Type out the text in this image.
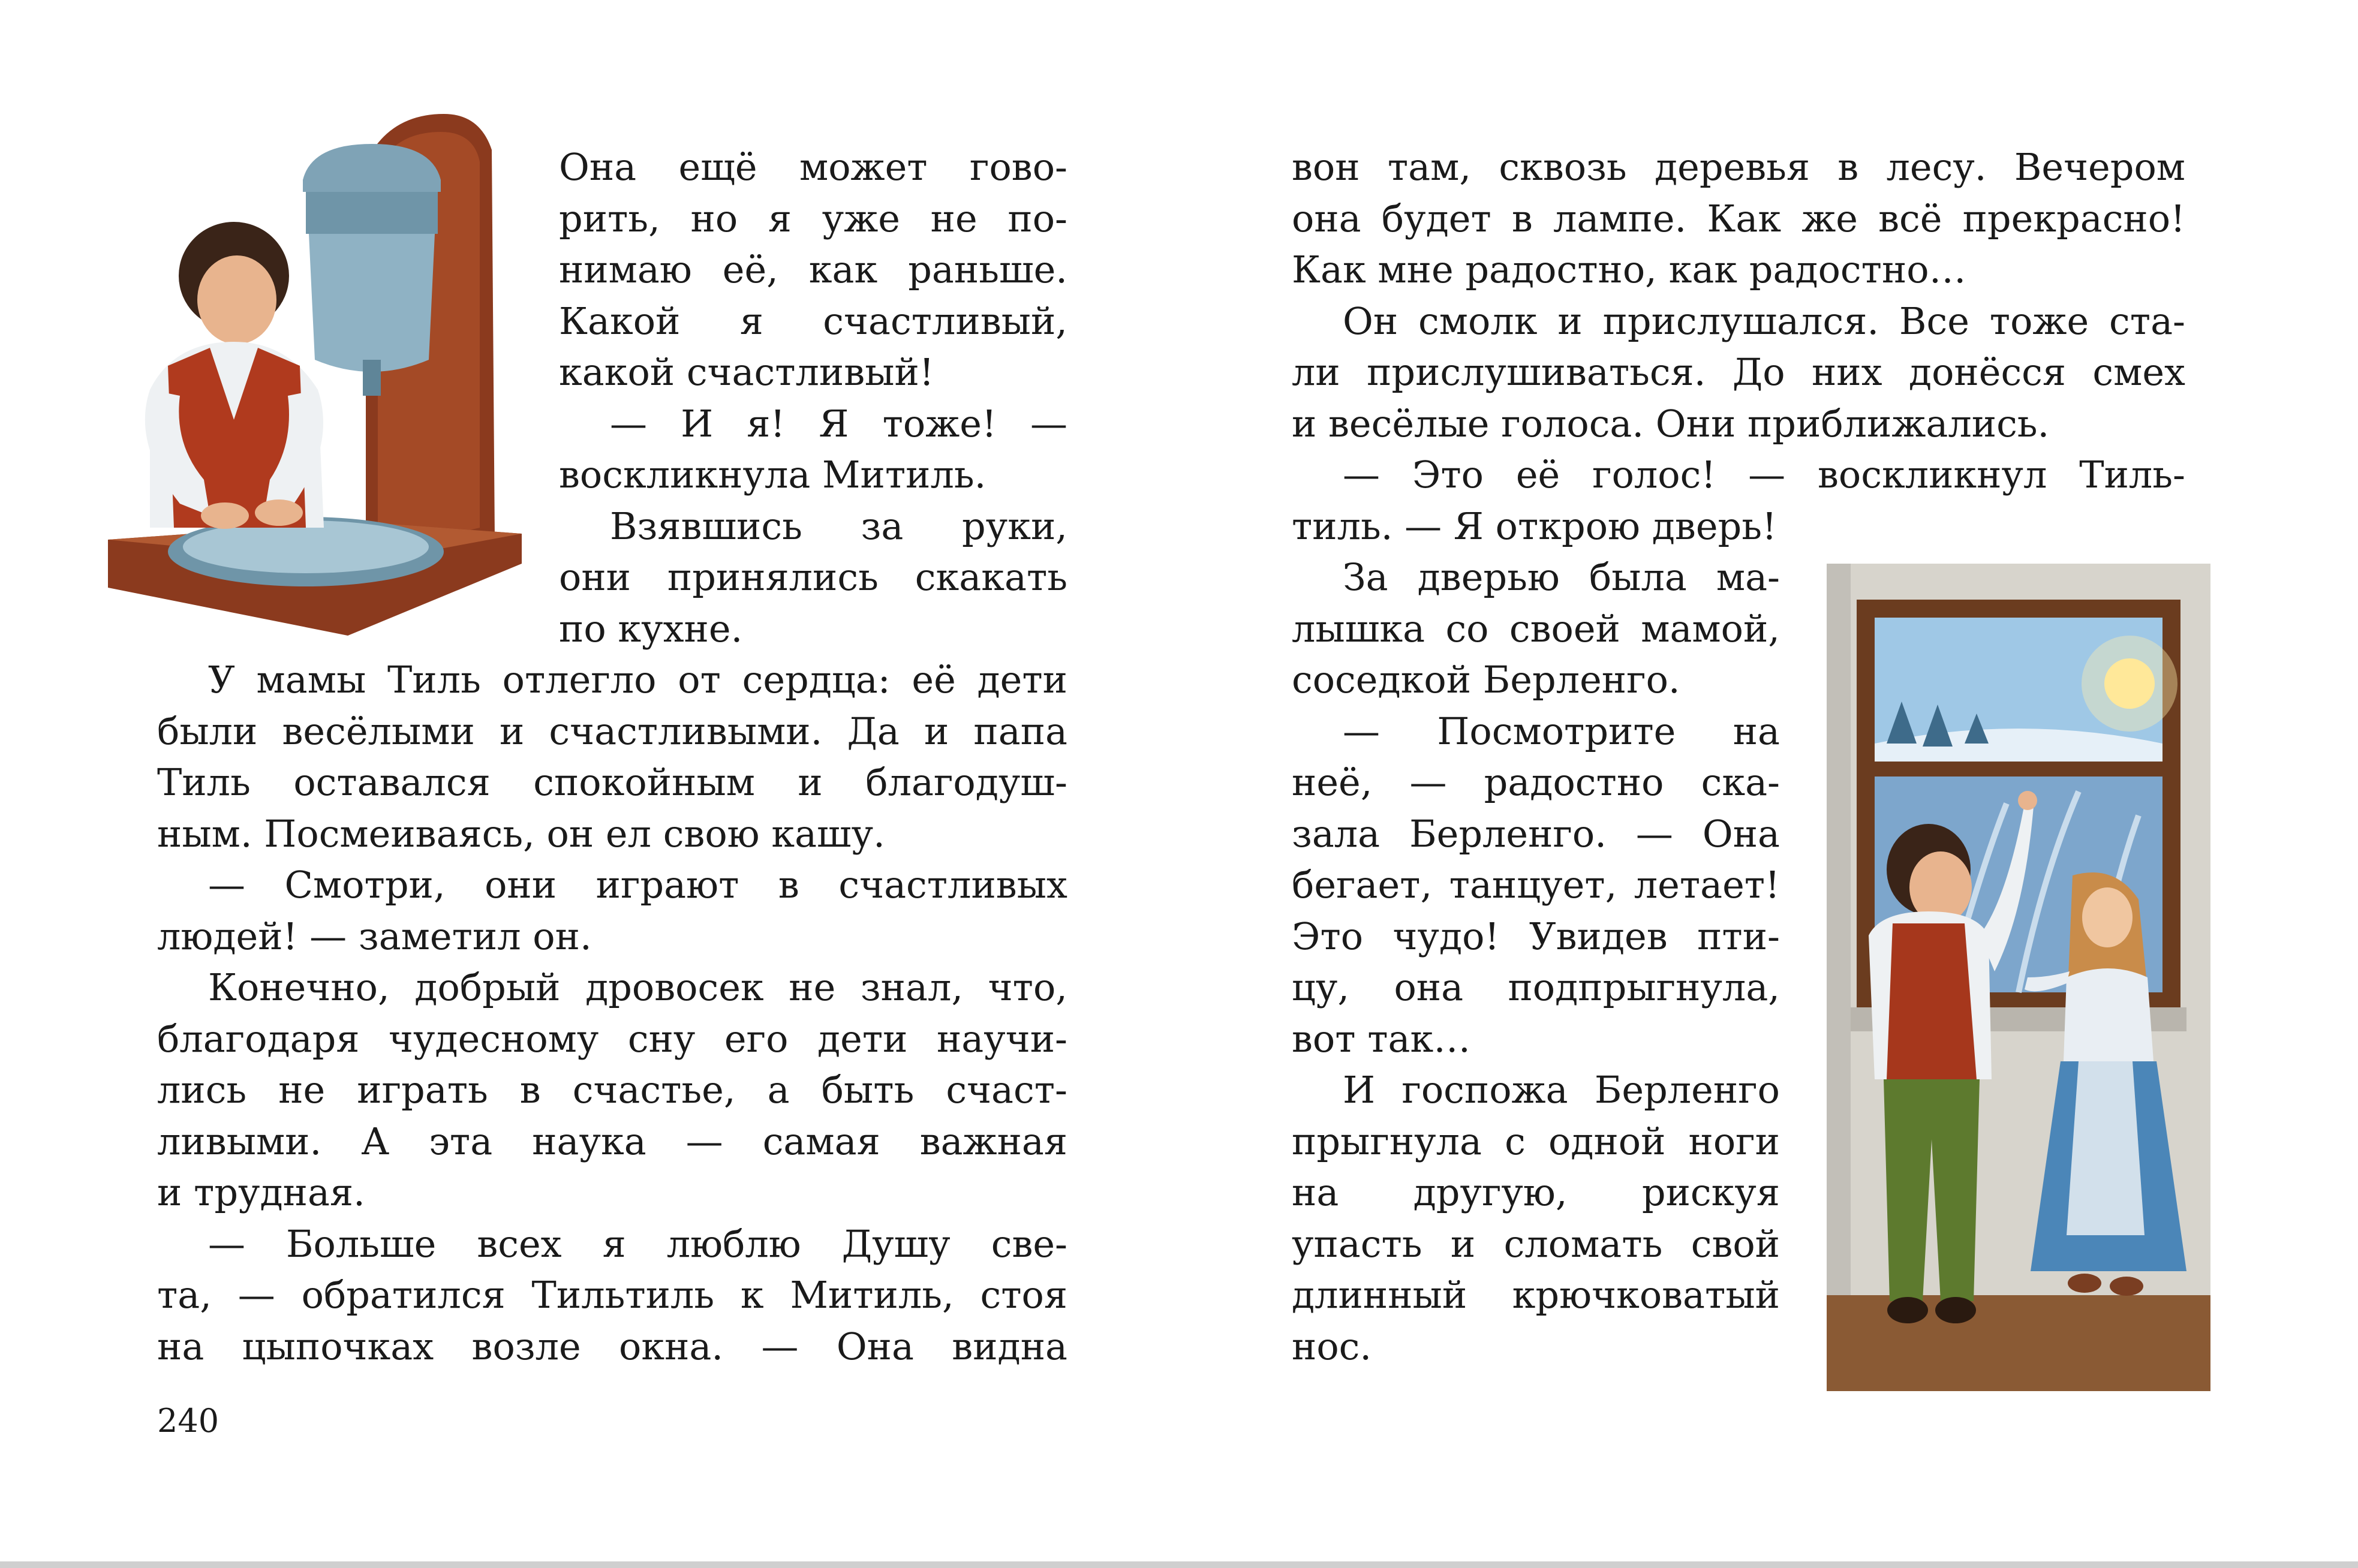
Она ещё может гово-
рить, но я уже не по-
нимаю её, как раньше.
Какой я счастливый,
какой счастливый!
— И я! Я тоже! —
воскликнула Митиль.
Взявшись за руки,
они принялись скакать
по кухне.
У мамы Тиль отлегло от сердца: её дети
были весёлыми и счастливыми. Да и папа
Тиль оставался спокойным и благодуш-
ным. Посмеиваясь, он ел свою кашу.
— Смотри, они играют в счастливых
людей! — заметил он.
Конечно, добрый дровосек не знал, что,
благодаря чудесному сну его дети научи-
лись не играть в счастье, а быть счаст-
ливыми. А эта наука — самая важная
и трудная.
— Больше всех я люблю Душу све-
та, — обратился Тильтиль к Митиль, стоя
на цыпочках возле окна. — Она видна
240
вон там, сквозь деревья в лесу. Вечером
она будет в лампе. Как же всё прекрасно!
Как мне радостно, как радостно…
Он смолк и прислушался. Все тоже ста-
ли прислушиваться. До них донёсся смех
и весёлые голоса. Они приближались.
— Это её голос! — воскликнул Тиль-
тиль. — Я открою дверь!
За дверью была ма-
лышка со своей мамой,
соседкой Берленго.
— Посмотрите на
неё, — радостно ска-
зала Берленго. — Она
бегает, танцует, летает!
Это чудо! Увидев пти-
цу, она подпрыгнула,
вот так…
И госпожа Берленго
прыгнула с одной ноги
на другую, рискуя
упасть и сломать свой
длинный крючковатый
нос.
